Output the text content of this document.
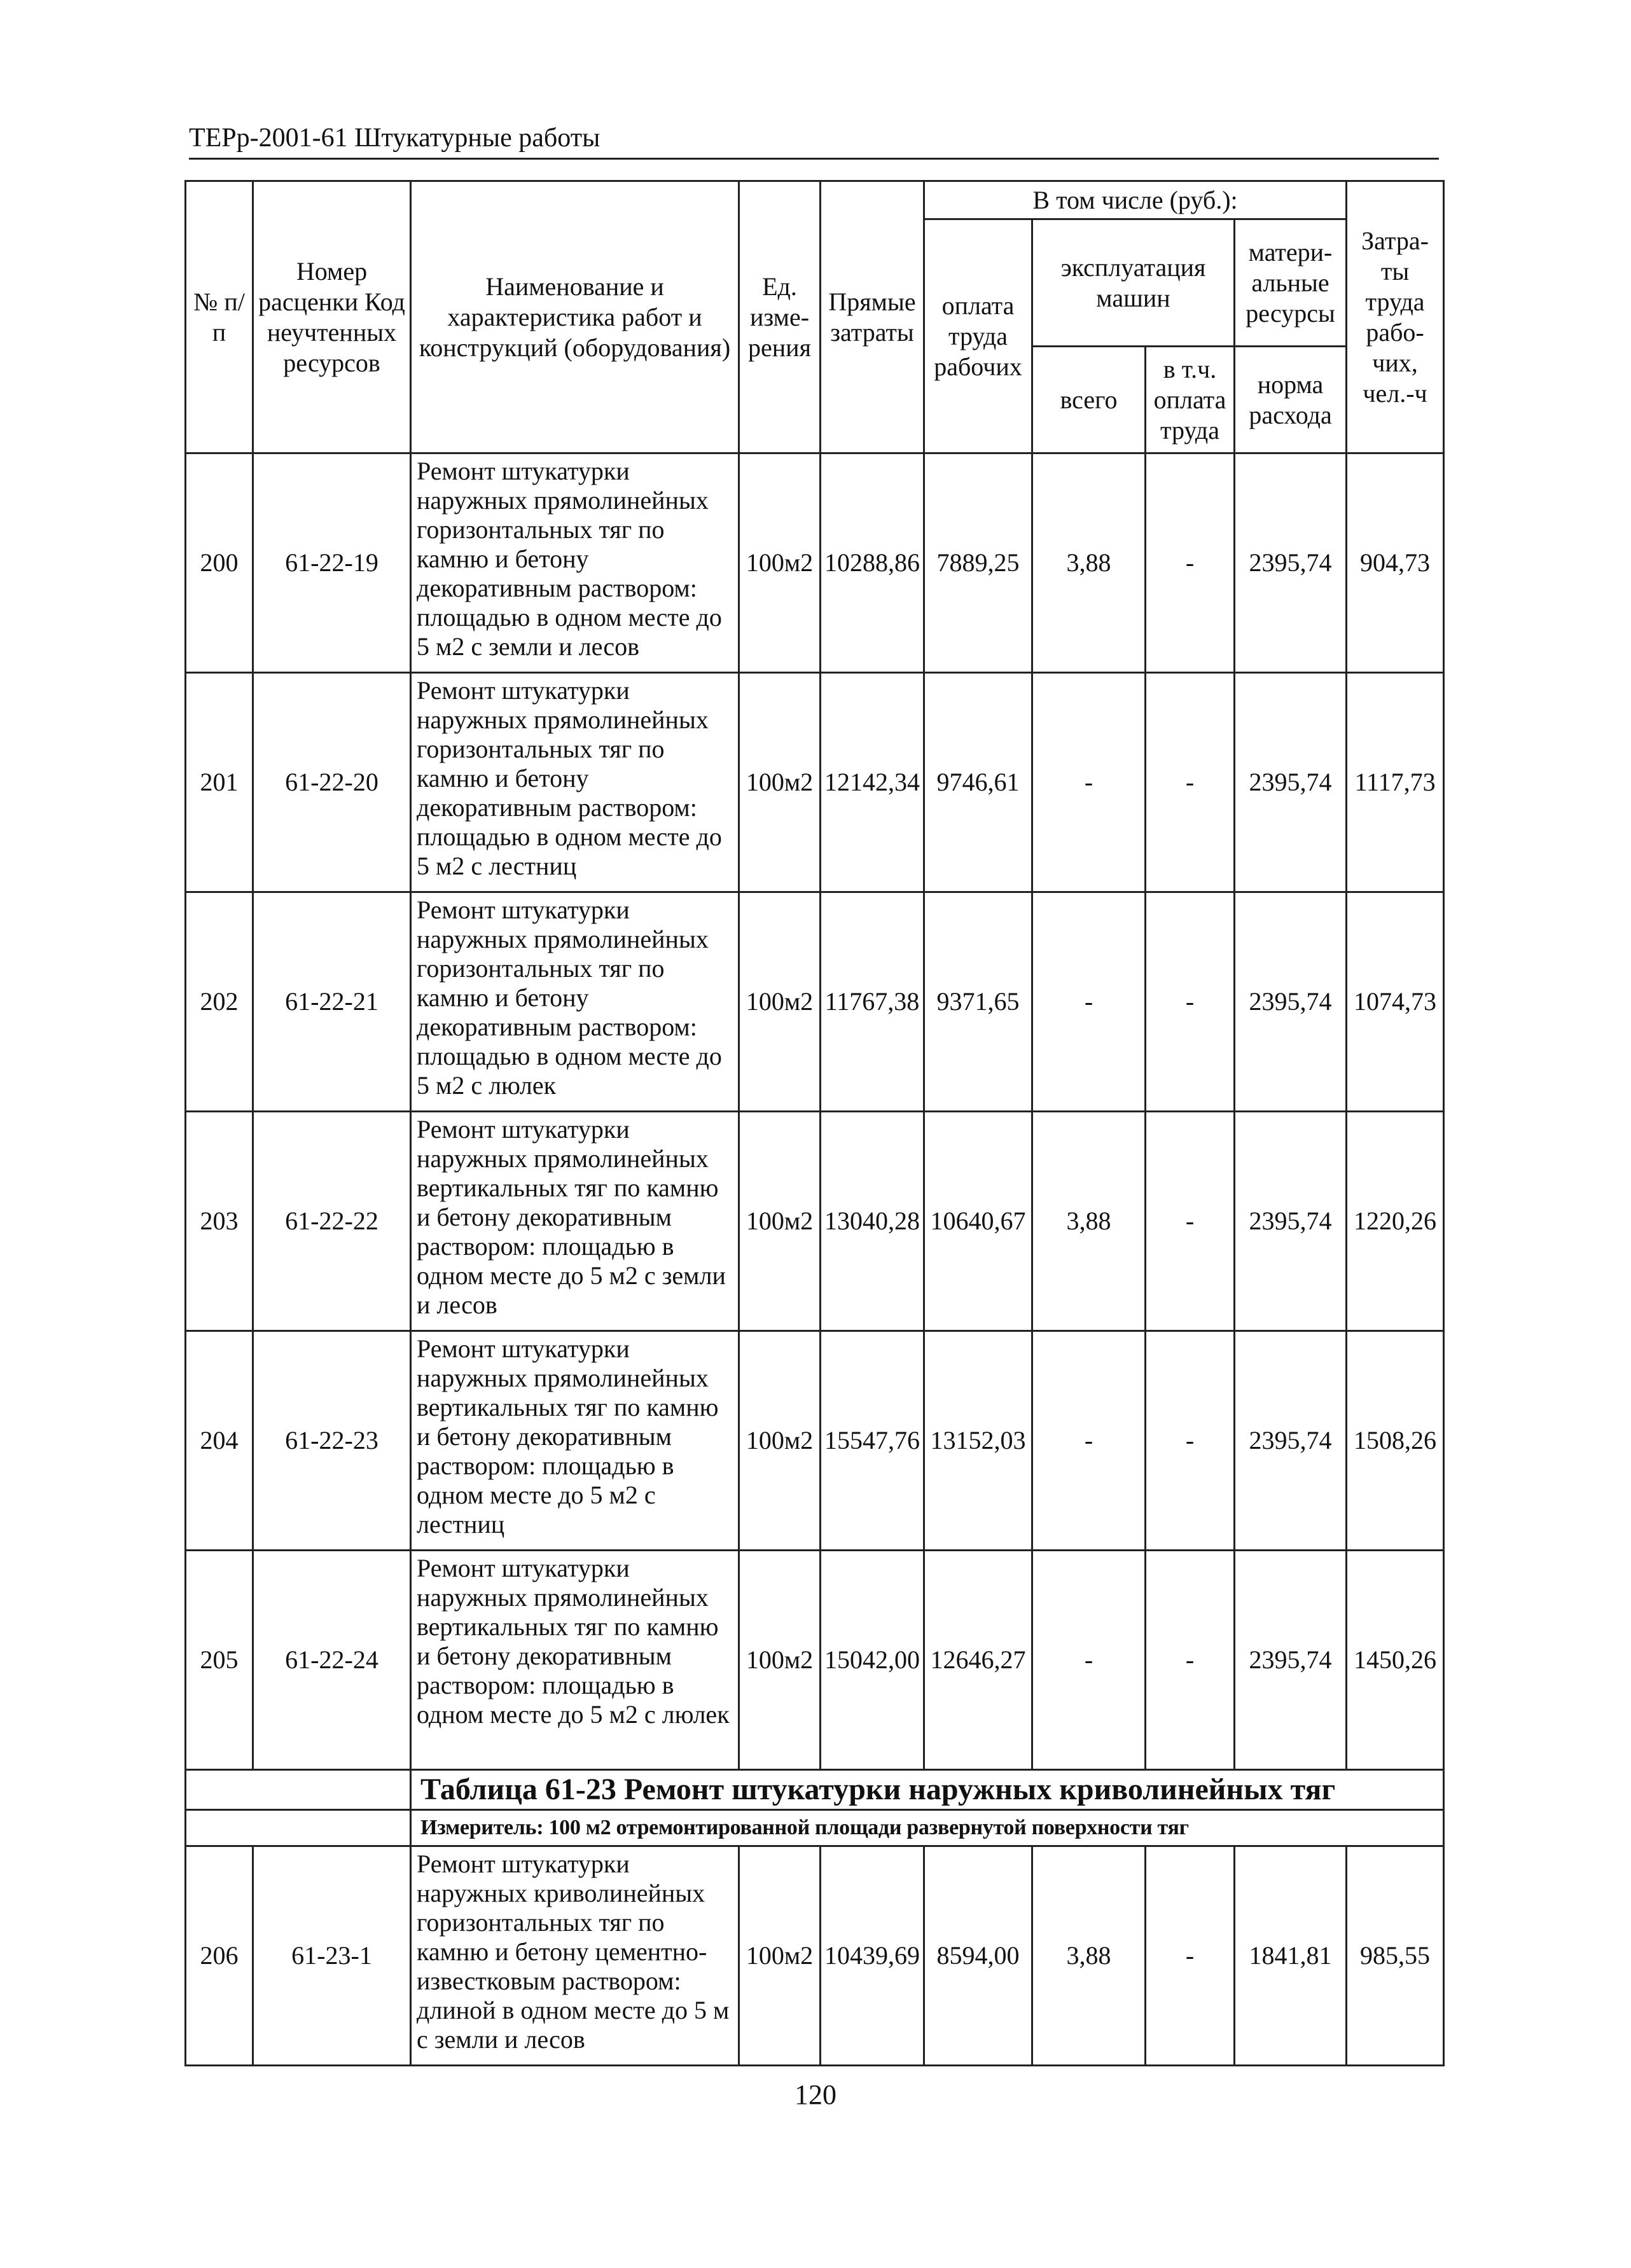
ТЕРр-2001-61 Штукатурные работы
№ п/п	Номер расценки Код неучтенных ресурсов	Наименование и характеристика работ и конструкций (оборудования)	Ед. изме-рения	Прямые затраты	В том числе (руб.):				Затра-ты труда рабо-чих, чел.-ч
					оплата труда рабочих	эксплуатация машин		матери-альные ресурсы	
						всего	в т.ч. оплата труда	норма расхода	
200	61-22-19	Ремонт штукатурки наружных прямолинейных горизонтальных тяг по камню и бетону декоративным раствором: площадью в одном месте до 5 м2 с земли и лесов	100м2	10288,86	7889,25	3,88	-	2395,74	904,73
201	61-22-20	Ремонт штукатурки наружных прямолинейных горизонтальных тяг по камню и бетону декоративным раствором: площадью в одном месте до 5 м2 с лестниц	100м2	12142,34	9746,61	-	-	2395,74	1117,73
202	61-22-21	Ремонт штукатурки наружных прямолинейных горизонтальных тяг по камню и бетону декоративным раствором: площадью в одном месте до 5 м2 с люлек	100м2	11767,38	9371,65	-	-	2395,74	1074,73
203	61-22-22	Ремонт штукатурки наружных прямолинейных вертикальных тяг по камню и бетону декоративным раствором: площадью в одном месте до 5 м2 с земли и лесов	100м2	13040,28	10640,67	3,88	-	2395,74	1220,26
204	61-22-23	Ремонт штукатурки наружных прямолинейных вертикальных тяг по камню и бетону декоративным раствором: площадью в одном месте до 5 м2 с лестниц	100м2	15547,76	13152,03	-	-	2395,74	1508,26
205	61-22-24	Ремонт штукатурки наружных прямолинейных вертикальных тяг по камню и бетону декоративным раствором: площадью в одном месте до 5 м2 с люлек	100м2	15042,00	12646,27	-	-	2395,74	1450,26
		Таблица 61-23 Ремонт штукатурки наружных криволинейных тяг							
		Измеритель: 100 м2 отремонтированной площади развернутой поверхности тяг							
206	61-23-1	Ремонт штукатурки наружных криволинейных горизонтальных тяг по камню и бетону цементно-известковым раствором: длиной в одном месте до 5 м с земли и лесов	100м2	10439,69	8594,00	3,88	-	1841,81	985,55
120
